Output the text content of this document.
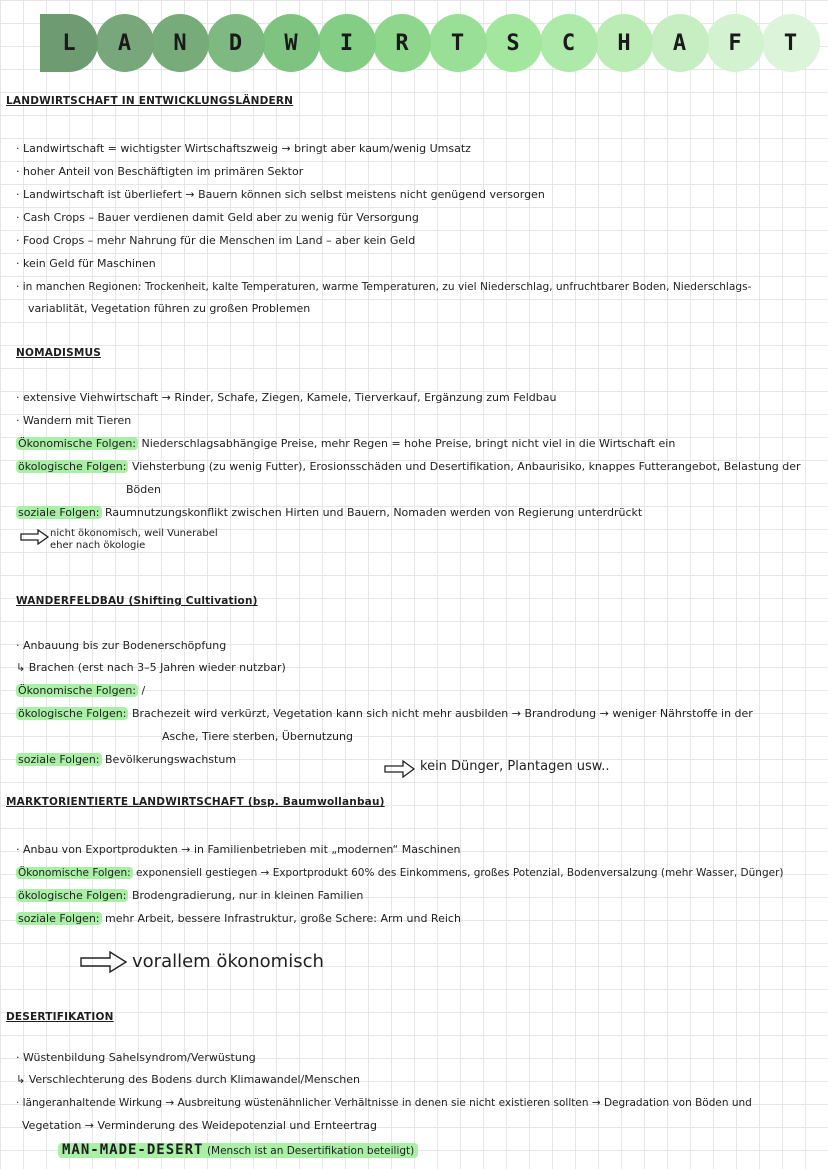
L A N D W I R T S C H A F T
LANDWIRTSCHAFT IN ENTWICKLUNGSLÄNDERN
· Landwirtschaft = wichtigster Wirtschaftszweig → bringt aber kaum/wenig Umsatz
· hoher Anteil von Beschäftigten im primären Sektor
· Landwirtschaft ist überliefert → Bauern können sich selbst meistens nicht genügend versorgen
· Cash Crops – Bauer verdienen damit Geld aber zu wenig für Versorgung
· Food Crops – mehr Nahrung für die Menschen im Land – aber kein Geld
· kein Geld für Maschinen
· in manchen Regionen: Trockenheit, kalte Temperaturen, warme Temperaturen, zu viel Niederschlag, unfruchtbarer Boden, Niederschlags-
variablität, Vegetation führen zu großen Problemen
NOMADISMUS
· extensive Viehwirtschaft → Rinder, Schafe, Ziegen, Kamele, Tierverkauf, Ergänzung zum Feldbau
· Wandern mit Tieren
Ökonomische Folgen: Niederschlagsabhängige Preise, mehr Regen = hohe Preise, bringt nicht viel in die Wirtschaft ein
ökologische Folgen: Viehsterbung (zu wenig Futter), Erosionsschäden und Desertifikation, Anbaurisiko, knappes Futterangebot, Belastung der
Böden
soziale Folgen: Raumnutzungskonflikt zwischen Hirten und Bauern, Nomaden werden von Regierung unterdrückt
nicht ökonomisch, weil Vunerabel
eher nach ökologie
WANDERFELDBAU (Shifting Cultivation)
· Anbauung bis zur Bodenerschöpfung
↳ Brachen (erst nach 3–5 Jahren wieder nutzbar)
Ökonomische Folgen: /
ökologische Folgen: Brachezeit wird verkürzt, Vegetation kann sich nicht mehr ausbilden → Brandrodung → weniger Nährstoffe in der
Asche, Tiere sterben, Übernutzung
soziale Folgen: Bevölkerungswachstum	kein Dünger, Plantagen usw..
MARKTORIENTIERTE LANDWIRTSCHAFT (bsp. Baumwollanbau)
· Anbau von Exportprodukten → in Familienbetrieben mit „modernen“ Maschinen
Ökonomische Folgen: exponensiell gestiegen → Exportprodukt 60% des Einkommens, großes Potenzial, Bodenversalzung (mehr Wasser, Dünger)
ökologische Folgen: Brodengradierung, nur in kleinen Familien
soziale Folgen: mehr Arbeit, bessere Infrastruktur, große Schere: Arm und Reich
vorallem ökonomisch
DESERTIFIKATION
· Wüstenbildung Sahelsyndrom/Verwüstung
↳ Verschlechterung des Bodens durch Klimawandel/Menschen
· längeranhaltende Wirkung → Ausbreitung wüstenähnlicher Verhältnisse in denen sie nicht existieren sollten → Degradation von Böden und
Vegetation → Verminderung des Weidepotenzial und Ernteertrag
MAN-MADE-DESERT (Mensch ist an Desertifikation beteiligt)
